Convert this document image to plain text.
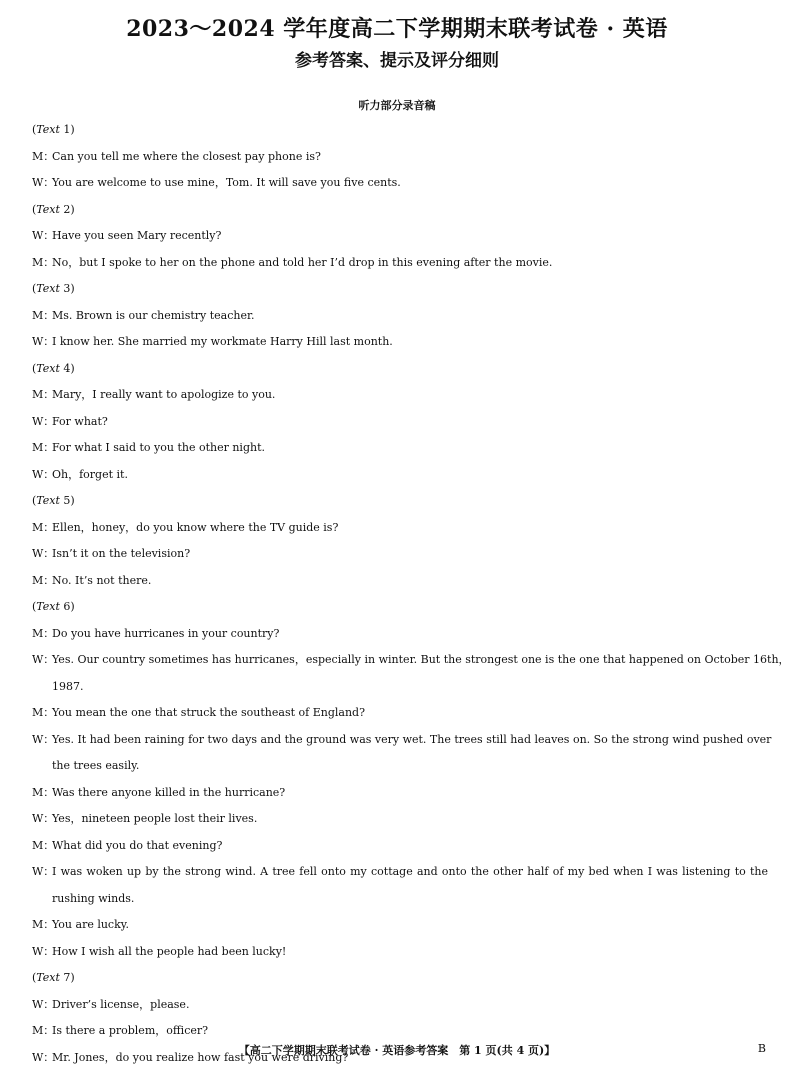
2023～2024 学年度高二下学期期末联考试卷 · 英语
参考答案、提示及评分细则
听力部分录音稿
(Text 1)
M：
Can you tell me where the closest pay phone is?
W：
You are welcome to use mine，Tom. It will save you five cents.
(Text 2)
W：
Have you seen Mary recently?
M：
No，but I spoke to her on the phone and told her I’d drop in this evening after the movie.
(Text 3)
M：
Ms. Brown is our chemistry teacher.
W：
I know her. She married my workmate Harry Hill last month.
(Text 4)
M：
Mary，I really want to apologize to you.
W：
For what?
M：
For what I said to you the other night.
W：
Oh，forget it.
(Text 5)
M：
Ellen，honey，do you know where the TV guide is?
W：
Isn’t it on the television?
M：
No. It’s not there.
(Text 6)
M：
Do you have hurricanes in your country?
W：
Yes. Our country sometimes has hurricanes，especially in winter. But the strongest one is the one that happened on October 16th，
1987.
M：
You mean the one that struck the southeast of England?
W：
Yes. It had been raining for two days and the ground was very wet. The trees still had leaves on. So the strong wind pushed over
the trees easily.
M：
Was there anyone killed in the hurricane?
W：
Yes，nineteen people lost their lives.
M：
What did you do that evening?
W：
I was woken up by the strong wind. A tree fell onto my cottage and onto the other half of my bed when I was listening to the
rushing winds.
M：
You are lucky.
W：
How I wish all the people had been lucky!
(Text 7)
W：
Driver’s license，please.
M：
Is there a problem，officer?
W：
Mr. Jones，do you realize how fast you were driving?
【高二下学期期末联考试卷 · 英语参考答案　第 1 页(共 4 页)】	B
